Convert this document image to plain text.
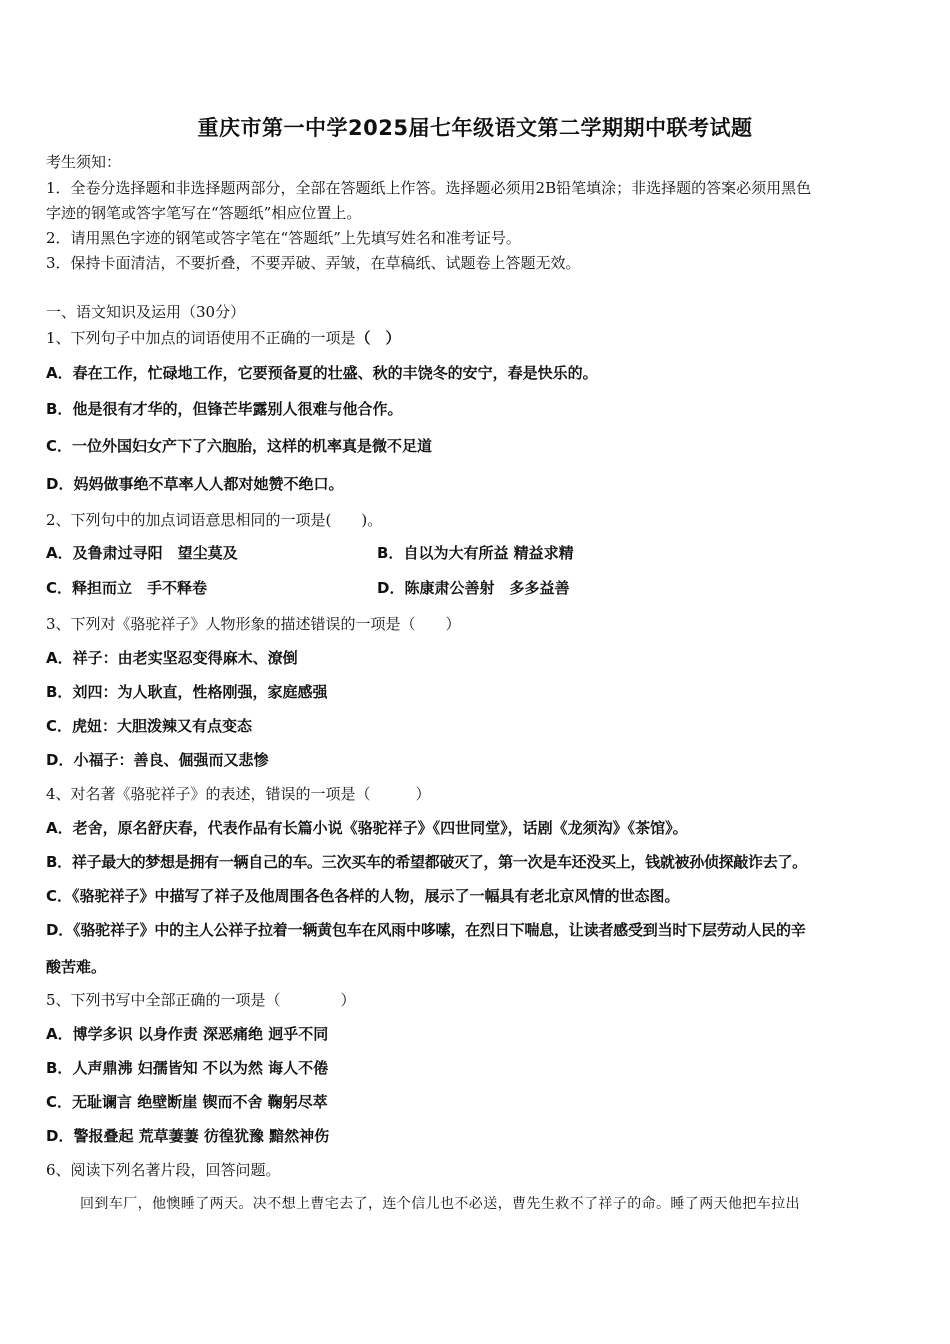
重庆市第一中学2025届七年级语文第二学期期中联考试题
考生须知：
1．全卷分选择题和非选择题两部分，全部在答题纸上作答。选择题必须用2B铅笔填涂；非选择题的答案必须用黑色
字迹的钢笔或答字笔写在“答题纸”相应位置上。
2．请用黑色字迹的钢笔或答字笔在“答题纸”上先填写姓名和准考证号。
3．保持卡面清洁，不要折叠，不要弄破、弄皱，在草稿纸、试题卷上答题无效。
一、语文知识及运用（30分）
1、下列句子中加点的词语使用不正确的一项是（　）
A．春在工作，忙碌地工作，它要预备夏的壮盛、秋的丰饶冬的安宁，春是快乐的。
B．他是很有才华的，但锋芒毕露别人很难与他合作。
C．一位外国妇女产下了六胞胎，这样的机率真是微不足道
D．妈妈做事绝不草率人人都对她赞不绝口。
2、下列句中的加点词语意思相同的一项是(　　)。
A．及鲁肃过寻阳　望尘莫及	B．自以为大有所益 精益求精
C．释担而立　手不释卷	D．陈康肃公善射　多多益善
3、下列对《骆驼祥子》人物形象的描述错误的一项是（　　）
A．祥子：由老实坚忍变得麻木、潦倒
B．刘四：为人耿直，性格刚强，家庭感强
C．虎妞：大胆泼辣又有点变态
D．小福子：善良、倔强而又悲惨
4、对名著《骆驼祥子》的表述，错误的一项是（　　　）
A．老舍，原名舒庆春，代表作品有长篇小说《骆驼祥子》《四世同堂》，话剧《龙须沟》《茶馆》。
B．祥子最大的梦想是拥有一辆自己的车。三次买车的希望都破灭了，第一次是车还没买上，钱就被孙侦探敲诈去了。
C．《骆驼祥子》中描写了祥子及他周围各色各样的人物，展示了一幅具有老北京风情的世态图。
D．《骆驼祥子》中的主人公祥子拉着一辆黄包车在风雨中哆嗦，在烈日下喘息，让读者感受到当时下层劳动人民的辛
酸苦难。
5、下列书写中全部正确的一项是（　　　　）
A．博学多识 以身作责 深恶痛绝 迥乎不同
B．人声鼎沸 妇孺皆知 不以为然 诲人不倦
C．无耻谰言 绝壁断崖 锲而不舍 鞠躬尽萃
D．警报叠起 荒草萋萋 彷徨犹豫 黯然神伤
6、阅读下列名著片段，回答问题。
回到车厂，他懊睡了两天。决不想上曹宅去了，连个信儿也不必送，曹先生救不了祥子的命。睡了两天他把车拉出
